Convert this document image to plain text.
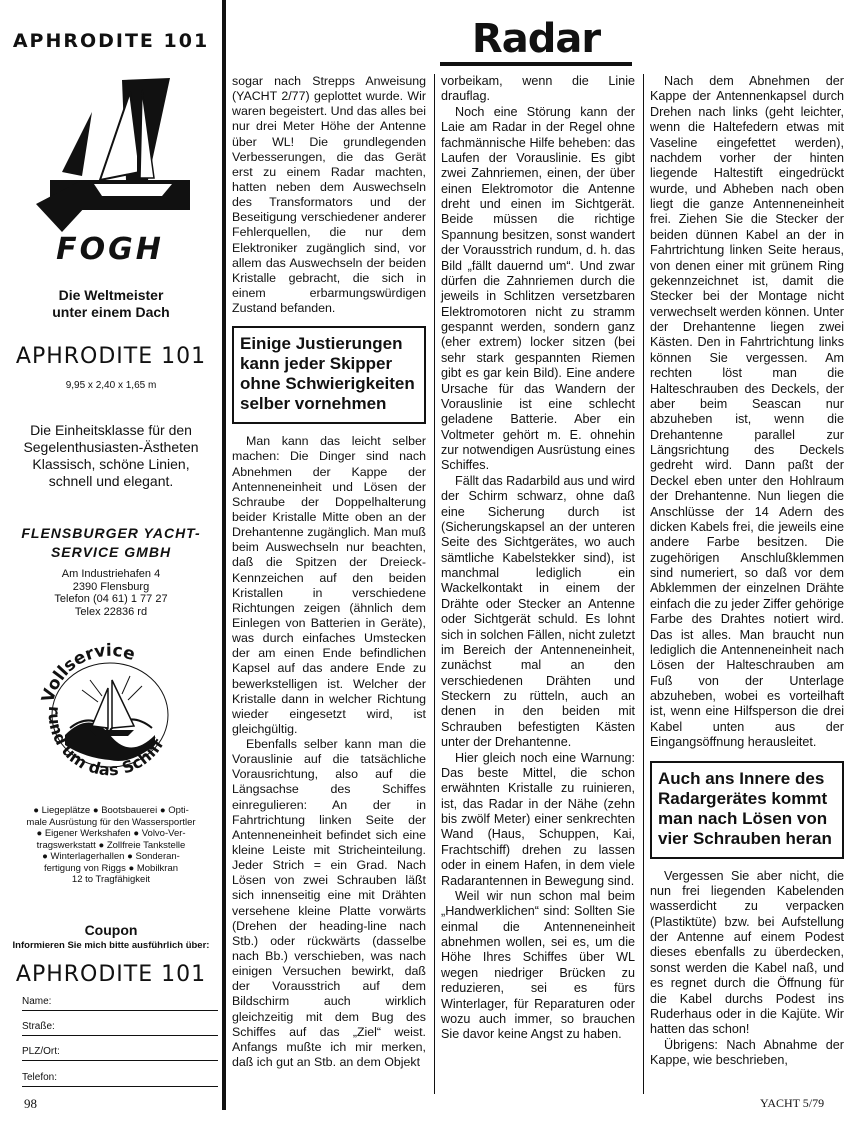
APHRODITE 101
FOGH
Die Weltmeister
unter einem Dach
APHRODITE 101
9,95 x 2,40 x 1,65 m
Die Einheitsklasse für den
Segelenthusiasten-Ästheten
Klassisch, schöne Linien,
schnell und elegant.
FLENSBURGER YACHT-
SERVICE GMBH
Am Industriehafen 4
2390 Flensburg
Telefon (04 61) 1 77 27
Telex 22836 rd
Vollservice
rund um das Schiff
● Liegeplätze ● Bootsbauerei ● Opti-
male Ausrüstung für den Wassersportler
● Eigener Werkshafen ● Volvo-Ver-
tragswerkstatt ● Zollfreie Tankstelle
● Winterlagerhallen ● Sonderan-
fertigung von Riggs ● Mobilkran
12 to Tragfähigkeit
Coupon
Informieren Sie mich bitte ausführlich über:
APHRODITE 101
Name:
Straße:
PLZ/Ort:
Telefon:
Radar

sogar nach Strepps Anweisung (YACHT 2/77) geplottet wurde. Wir waren begeistert. Und das alles bei nur drei Meter Höhe der Antenne über WL! Die grundlegenden Verbesserungen, die das Gerät erst zu einem Radar machten, hatten neben dem Auswechseln des Transformators und der Beseitigung verschiedener anderer Fehlerquellen, die nur dem Elektroniker zugänglich sind, vor allem das Auswechseln der beiden Kristalle gebracht, die sich in einem erbarmungswürdigen Zustand befanden.

Einige Justierungen kann jeder Skipper ohne Schwierigkeiten selber vornehmen

Man kann das leicht selber machen: Die Dinger sind nach Abnehmen der Kappe der Antenneneinheit und Lösen der Schraube der Doppelhalterung beider Kristalle Mitte oben an der Drehantenne zugänglich. Man muß beim Auswechseln nur beachten, daß die Spitzen der Dreieck-Kennzeichen auf den beiden Kristallen in verschiedene Richtungen zeigen (ähnlich dem Einlegen von Batterien in Geräte), was durch einfaches Umstecken der am einen Ende befindlichen Kapsel auf das andere Ende zu bewerkstelligen ist. Welcher der Kristalle dann in welcher Richtung wieder eingesetzt wird, ist gleichgültig.

Ebenfalls selber kann man die Vorauslinie auf die tatsächliche Vorausrichtung, also auf die Längsachse des Schiffes einregulieren: An der in Fahrtrichtung linken Seite der Antenneneinheit befindet sich eine kleine Leiste mit Stricheinteilung. Jeder Strich = ein Grad. Nach Lösen von zwei Schrauben läßt sich innenseitig eine mit Drähten versehene kleine Platte vorwärts (Drehen der heading-line nach Stb.) oder rückwärts (dasselbe nach Bb.) verschieben, was nach einigen Versuchen bewirkt, daß der Vorausstrich auf dem Bildschirm auch wirklich gleichzeitig mit dem Bug des Schiffes auf das „Ziel“ weist. Anfangs mußte ich mir merken, daß ich gut an Stb. an dem Objekt

vorbeikam, wenn die Linie drauflag.

Noch eine Störung kann der Laie am Radar in der Regel ohne fachmännische Hilfe beheben: das Laufen der Vorauslinie. Es gibt zwei Zahnriemen, einen, der über einen Elektromotor die Antenne dreht und einen im Sichtgerät. Beide müssen die richtige Spannung besitzen, sonst wandert der Vorausstrich rundum, d. h. das Bild „fällt dauernd um“. Und zwar dürfen die Zahnriemen durch die jeweils in Schlitzen versetzbaren Elektromotoren nicht zu stramm gespannt werden, sondern ganz (eher extrem) locker sitzen (bei sehr stark gespannten Riemen gibt es gar kein Bild). Eine andere Ursache für das Wandern der Vorauslinie ist eine schlecht geladene Batterie. Aber ein Voltmeter gehört m. E. ohnehin zur notwendigen Ausrüstung eines Schiffes.

Fällt das Radarbild aus und wird der Schirm schwarz, ohne daß eine Sicherung durch ist (Sicherungskapsel an der unteren Seite des Sichtgerätes, wo auch sämtliche Kabelstekker sind), ist manchmal lediglich ein Wackelkontakt in einem der Drähte oder Stecker an Antenne oder Sichtgerät schuld. Es lohnt sich in solchen Fällen, nicht zuletzt im Bereich der Antenneneinheit, zunächst mal an den verschiedenen Drähten und Steckern zu rütteln, auch an denen in den beiden mit Schrauben befestigten Kästen unter der Drehantenne.

Hier gleich noch eine Warnung: Das beste Mittel, die schon erwähnten Kristalle zu ruinieren, ist, das Radar in der Nähe (zehn bis zwölf Meter) einer senkrechten Wand (Haus, Schuppen, Kai, Frachtschiff) drehen zu lassen oder in einem Hafen, in dem viele Radarantennen in Bewegung sind.

Weil wir nun schon mal beim „Handwerklichen“ sind: Sollten Sie einmal die Antenneneinheit abnehmen wollen, sei es, um die Höhe Ihres Schiffes über WL wegen niedriger Brücken zu reduzieren, sei es fürs Winterlager, für Reparaturen oder wozu auch immer, so brauchen Sie davor keine Angst zu haben.

Nach dem Abnehmen der Kappe der Antennenkapsel durch Drehen nach links (geht leichter, wenn die Haltefedern etwas mit Vaseline eingefettet werden), nachdem vorher der hinten liegende Haltestift eingedrückt wurde, und Abheben nach oben liegt die ganze Antenneneinheit frei. Ziehen Sie die Stecker der beiden dünnen Kabel an der in Fahrtrichtung linken Seite heraus, von denen einer mit grünem Ring gekennzeichnet ist, damit die Stecker bei der Montage nicht verwechselt werden können. Unter der Drehantenne liegen zwei Kästen. Den in Fahrtrichtung links können Sie vergessen. Am rechten löst man die Halteschrauben des Deckels, der aber beim Seascan nur abzuheben ist, wenn die Drehantenne parallel zur Längsrichtung des Deckels gedreht wird. Dann paßt der Deckel eben unter den Hohlraum der Drehantenne. Nun liegen die Anschlüsse der 14 Adern des dicken Kabels frei, die jeweils eine andere Farbe besitzen. Die zugehörigen Anschlußklemmen sind numeriert, so daß vor dem Abklemmen der einzelnen Drähte einfach die zu jeder Ziffer gehörige Farbe des Drahtes notiert wird. Das ist alles. Man braucht nun lediglich die Antenneneinheit nach Lösen der Halteschrauben am Fuß von der Unterlage abzuheben, wobei es vorteilhaft ist, wenn eine Hilfsperson die drei Kabel unten aus der Eingangsöffnung herausleitet.

Auch ans Innere des Radargerätes kommt man nach Lösen von vier Schrauben heran

Vergessen Sie aber nicht, die nun frei liegenden Kabelenden wasserdicht zu verpacken (Plastiktüte) bzw. bei Aufstellung der Antenne auf einem Podest dieses ebenfalls zu überdecken, sonst werden die Kabel naß, und es regnet durch die Öffnung für die Kabel durchs Podest ins Ruderhaus oder in die Kajüte. Wir hatten das schon!

Übrigens: Nach Abnahme der Kappe, wie beschrieben,

98	YACHT 5/79
